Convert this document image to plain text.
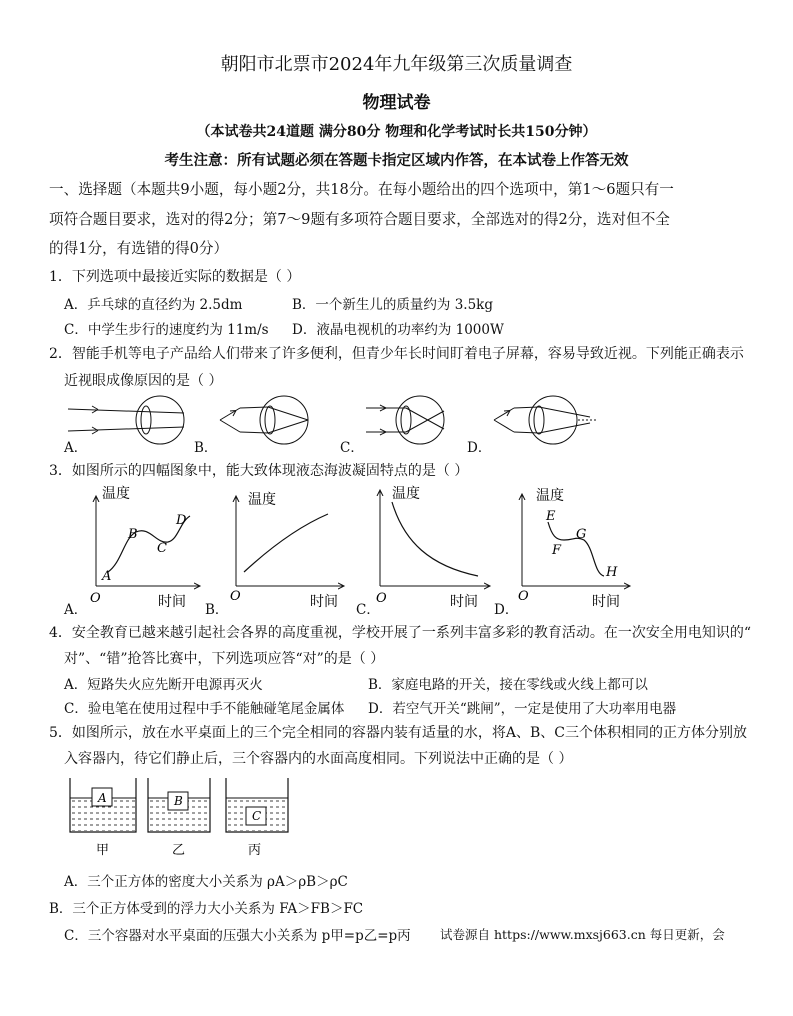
朝阳市北票市2024年九年级第三次质量调查
物理试卷
（本试卷共24道题 满分80分 物理和化学考试时长共150分钟）
考生注意：所有试题必须在答题卡指定区域内作答，在本试卷上作答无效
一、选择题（本题共9小题，每小题2分，共18分。在每小题给出的四个选项中，第1～6题只有一
项符合题目要求，选对的得2分；第7～9题有多项符合题目要求，全部选对的得2分，选对但不全
的得1分，有选错的得0分）
1．下列选项中最接近实际的数据是（ ）
A．乒乓球的直径约为 2.5dm	B．一个新生儿的质量约为 3.5kg
C．中学生步行的速度约为 11m/s D．液晶电视机的功率约为 1000W
2．智能手机等电子产品给人们带来了许多便利，但青少年长时间盯着电子屏幕，容易导致近视。下列能正确表示
近视眼成像原因的是（ ）
A．	B．	C．	D．
3．如图所示的四幅图象中，能大致体现液态海波凝固特点的是（ ）
温度
时间
O
A
B
C
D
温度
时间
O
温度
时间
O
温度
时间
O
E
F
G
H
A．	B．	C．	D．
4．安全教育已越来越引起社会各界的高度重视，学校开展了一系列丰富多彩的教育活动。在一次安全用电知识的“
对”、“错”抢答比赛中，下列选项应答“对”的是（ ）
A．短路失火应先断开电源再灭火	B．家庭电路的开关，接在零线或火线上都可以
C．验电笔在使用过程中手不能触碰笔尾金属体 D．若空气开关“跳闸”，一定是使用了大功率用电器
5．如图所示，放在水平桌面上的三个完全相同的容器内装有适量的水，将A、B、C三个体积相同的正方体分别放
入容器内，待它们静止后，三个容器内的水面高度相同。下列说法中正确的是（ ）
A
甲
B
乙
C
丙
A．三个正方体的密度大小关系为 ρA＞ρB＞ρC
B．三个正方体受到的浮力大小关系为 FA＞FB＞FC
C．三个容器对水平桌面的压强大小关系为 p甲=p乙=p丙 试卷源自 https://www.mxsj663.cn 每日更新，会
